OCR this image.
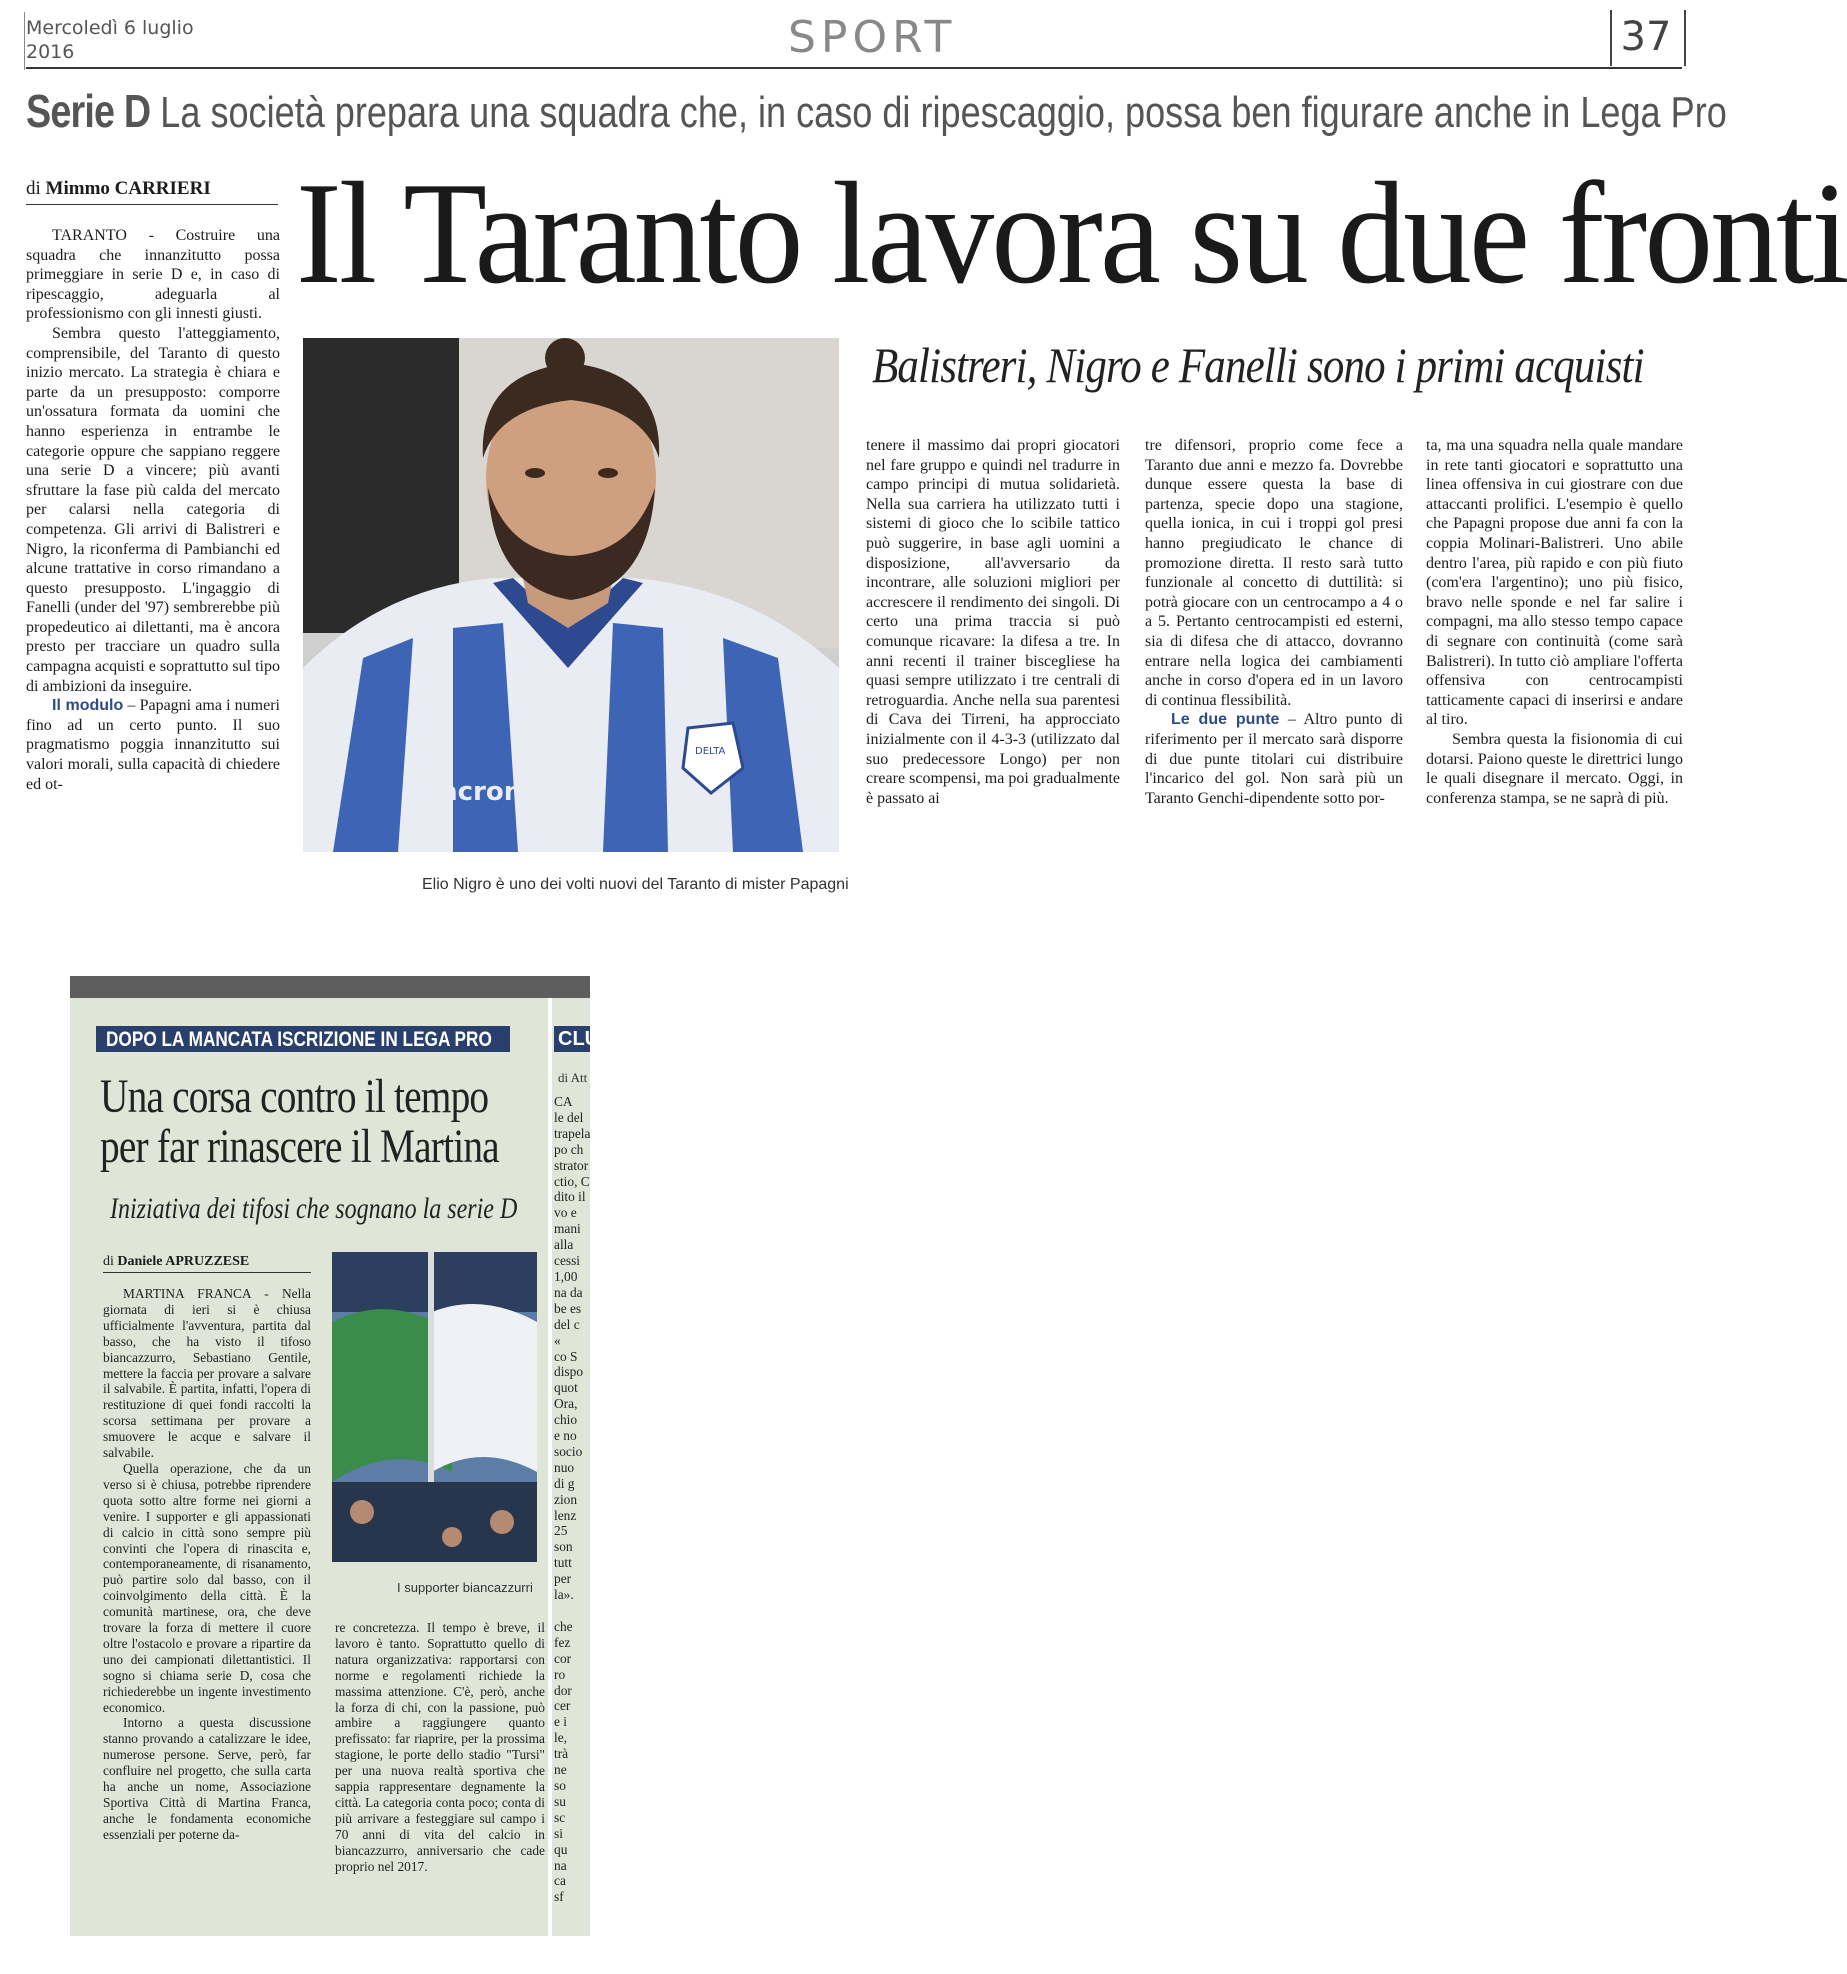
Mercoledì 6 luglio
2016	SPORT	37
Serie D La società prepara una squadra che, in caso di ripescaggio, possa ben figurare anche in Lega Pro
di Mimmo CARRIERI Il Taranto lavora su due fronti

TARANTO - Costruire una squadra che innanzitutto possa primeggiare in serie D e, in caso di ripescaggio, adeguarla al professionismo con gli innesti giusti.

Sembra questo l'atteggiamento, comprensibile, del Taranto di questo inizio mercato. La strategia è chiara e parte da un presupposto: comporre un'ossatura formata da uomini che hanno esperienza in entrambe le categorie oppure che sappiano reggere una serie D a vincere; più avanti sfruttare la fase più calda del mercato per calarsi nella categoria di competenza. Gli arrivi di Balistreri e Nigro, la riconferma di Pambianchi ed alcune trattative in corso rimandano a questo presupposto. L'ingaggio di Fanelli (under del '97) sembrerebbe più propedeutico ai dilettanti, ma è ancora presto per tracciare un quadro sulla campagna acquisti e soprattutto sul tipo di ambizioni da inseguire.

Il modulo – Papagni ama i numeri fino ad un certo punto. Il suo pragmatismo poggia innanzitutto sui valori morali, sulla capacità di chiedere ed ot-

DELTA
macron
Elio Nigro è uno dei volti nuovi del Taranto di mister Papagni
Balistreri, Nigro e Fanelli sono i primi acquisti

tenere il massimo dai propri giocatori nel fare gruppo e quindi nel tradurre in campo principi di mutua solidarietà. Nella sua carriera ha utilizzato tutti i sistemi di gioco che lo scibile tattico può suggerire, in base agli uomini a disposizione, all'avversario da incontrare, alle soluzioni migliori per accrescere il rendimento dei singoli. Di certo una prima traccia si può comunque ricavare: la difesa a tre. In anni recenti il trainer biscegliese ha quasi sempre utilizzato i tre centrali di retroguardia. Anche nella sua parentesi di Cava dei Tirreni, ha approcciato inizialmente con il 4-3-3 (utilizzato dal suo predecessore Longo) per non creare scompensi, ma poi gradualmente è passato ai

tre difensori, proprio come fece a Taranto due anni e mezzo fa. Dovrebbe dunque essere questa la base di partenza, specie dopo una stagione, quella ionica, in cui i troppi gol presi hanno pregiudicato le chance di promozione diretta. Il resto sarà tutto funzionale al concetto di duttilità: si potrà giocare con un centrocampo a 4 o a 5. Pertanto centrocampisti ed esterni, sia di difesa che di attacco, dovranno entrare nella logica dei cambiamenti anche in corso d'opera ed in un lavoro di continua flessibilità.

Le due punte – Altro punto di riferimento per il mercato sarà disporre di due punte titolari cui distribuire l'incarico del gol. Non sarà più un Taranto Genchi-dipendente sotto por-

ta, ma una squadra nella quale mandare in rete tanti giocatori e soprattutto una linea offensiva in cui giostrare con due attaccanti prolifici. L'esempio è quello che Papagni propose due anni fa con la coppia Molinari-Balistreri. Uno abile dentro l'area, più rapido e con più fiuto (com'era l'argentino); uno più fisico, bravo nelle sponde e nel far salire i compagni, ma allo stesso tempo capace di segnare con continuità (come sarà Balistreri). In tutto ciò ampliare l'offerta offensiva con centrocampisti tatticamente capaci di inserirsi e andare al tiro.

Sembra questa la fisionomia di cui dotarsi. Paiono queste le direttrici lungo le quali disegnare il mercato. Oggi, in conferenza stampa, se ne saprà di più.

DOPO LA MANCATA ISCRIZIONE IN LEGA PRO
Una corsa contro il tempo
per far rinascere il Martina
Iniziativa dei tifosi che sognano la serie D
di Daniele APRUZZESE

MARTINA FRANCA - Nella giornata di ieri si è chiusa ufficialmente l'avventura, partita dal basso, che ha visto il tifoso biancazzurro, Sebastiano Gentile, mettere la faccia per provare a salvare il salvabile. È partita, infatti, l'opera di restituzione di quei fondi raccolti la scorsa settimana per provare a smuovere le acque e salvare il salvabile.

Quella operazione, che da un verso si è chiusa, potrebbe riprendere quota sotto altre forme nei giorni a venire. I supporter e gli appassionati di calcio in città sono sempre più convinti che l'opera di rinascita e, contemporaneamente, di risanamento, può partire solo dal basso, con il coinvolgimento della città. È la comunità martinese, ora, che deve trovare la forza di mettere il cuore oltre l'ostacolo e provare a ripartire da uno dei campionati dilettantistici. Il sogno si chiama serie D, cosa che richiederebbe un ingente investimento economico.

Intorno a questa discussione stanno provando a catalizzare le idee, numerose persone. Serve, però, far confluire nel progetto, che sulla carta ha anche un nome, Associazione Sportiva Città di Martina Franca, anche le fondamenta economiche essenziali per poterne da-

I supporter biancazzurri

re concretezza. Il tempo è breve, il lavoro è tanto. Soprattutto quello di natura organizzativa: rapportarsi con norme e regolamenti richiede la massima attenzione. C'è, però, anche la forza di chi, con la passione, può ambire a raggiungere quanto prefissato: far riaprire, per la prossima stagione, le porte dello stadio "Tursi" per una nuova realtà sportiva che sappia rappresentare degnamente la città. La categoria conta poco; conta di più arrivare a festeggiare sul campo i 70 anni di vita del calcio in biancazzurro, anniversario che cade proprio nel 2017.

CLU
di Att
CA
le del
trapela
po ch
strator
ctio, C
dito il
vo e
mani
alla
cessi
1,00
na da
be es
del c
«
co S
dispo
quot
Ora,
chio
e no
socio
nuo
di g
zion
lenz
25
son
tutt
per
la».

che
fez
cor
ro
dor
cer
e i
le,
trà
ne
so
su
sc
si
qu
na
ca
sf
